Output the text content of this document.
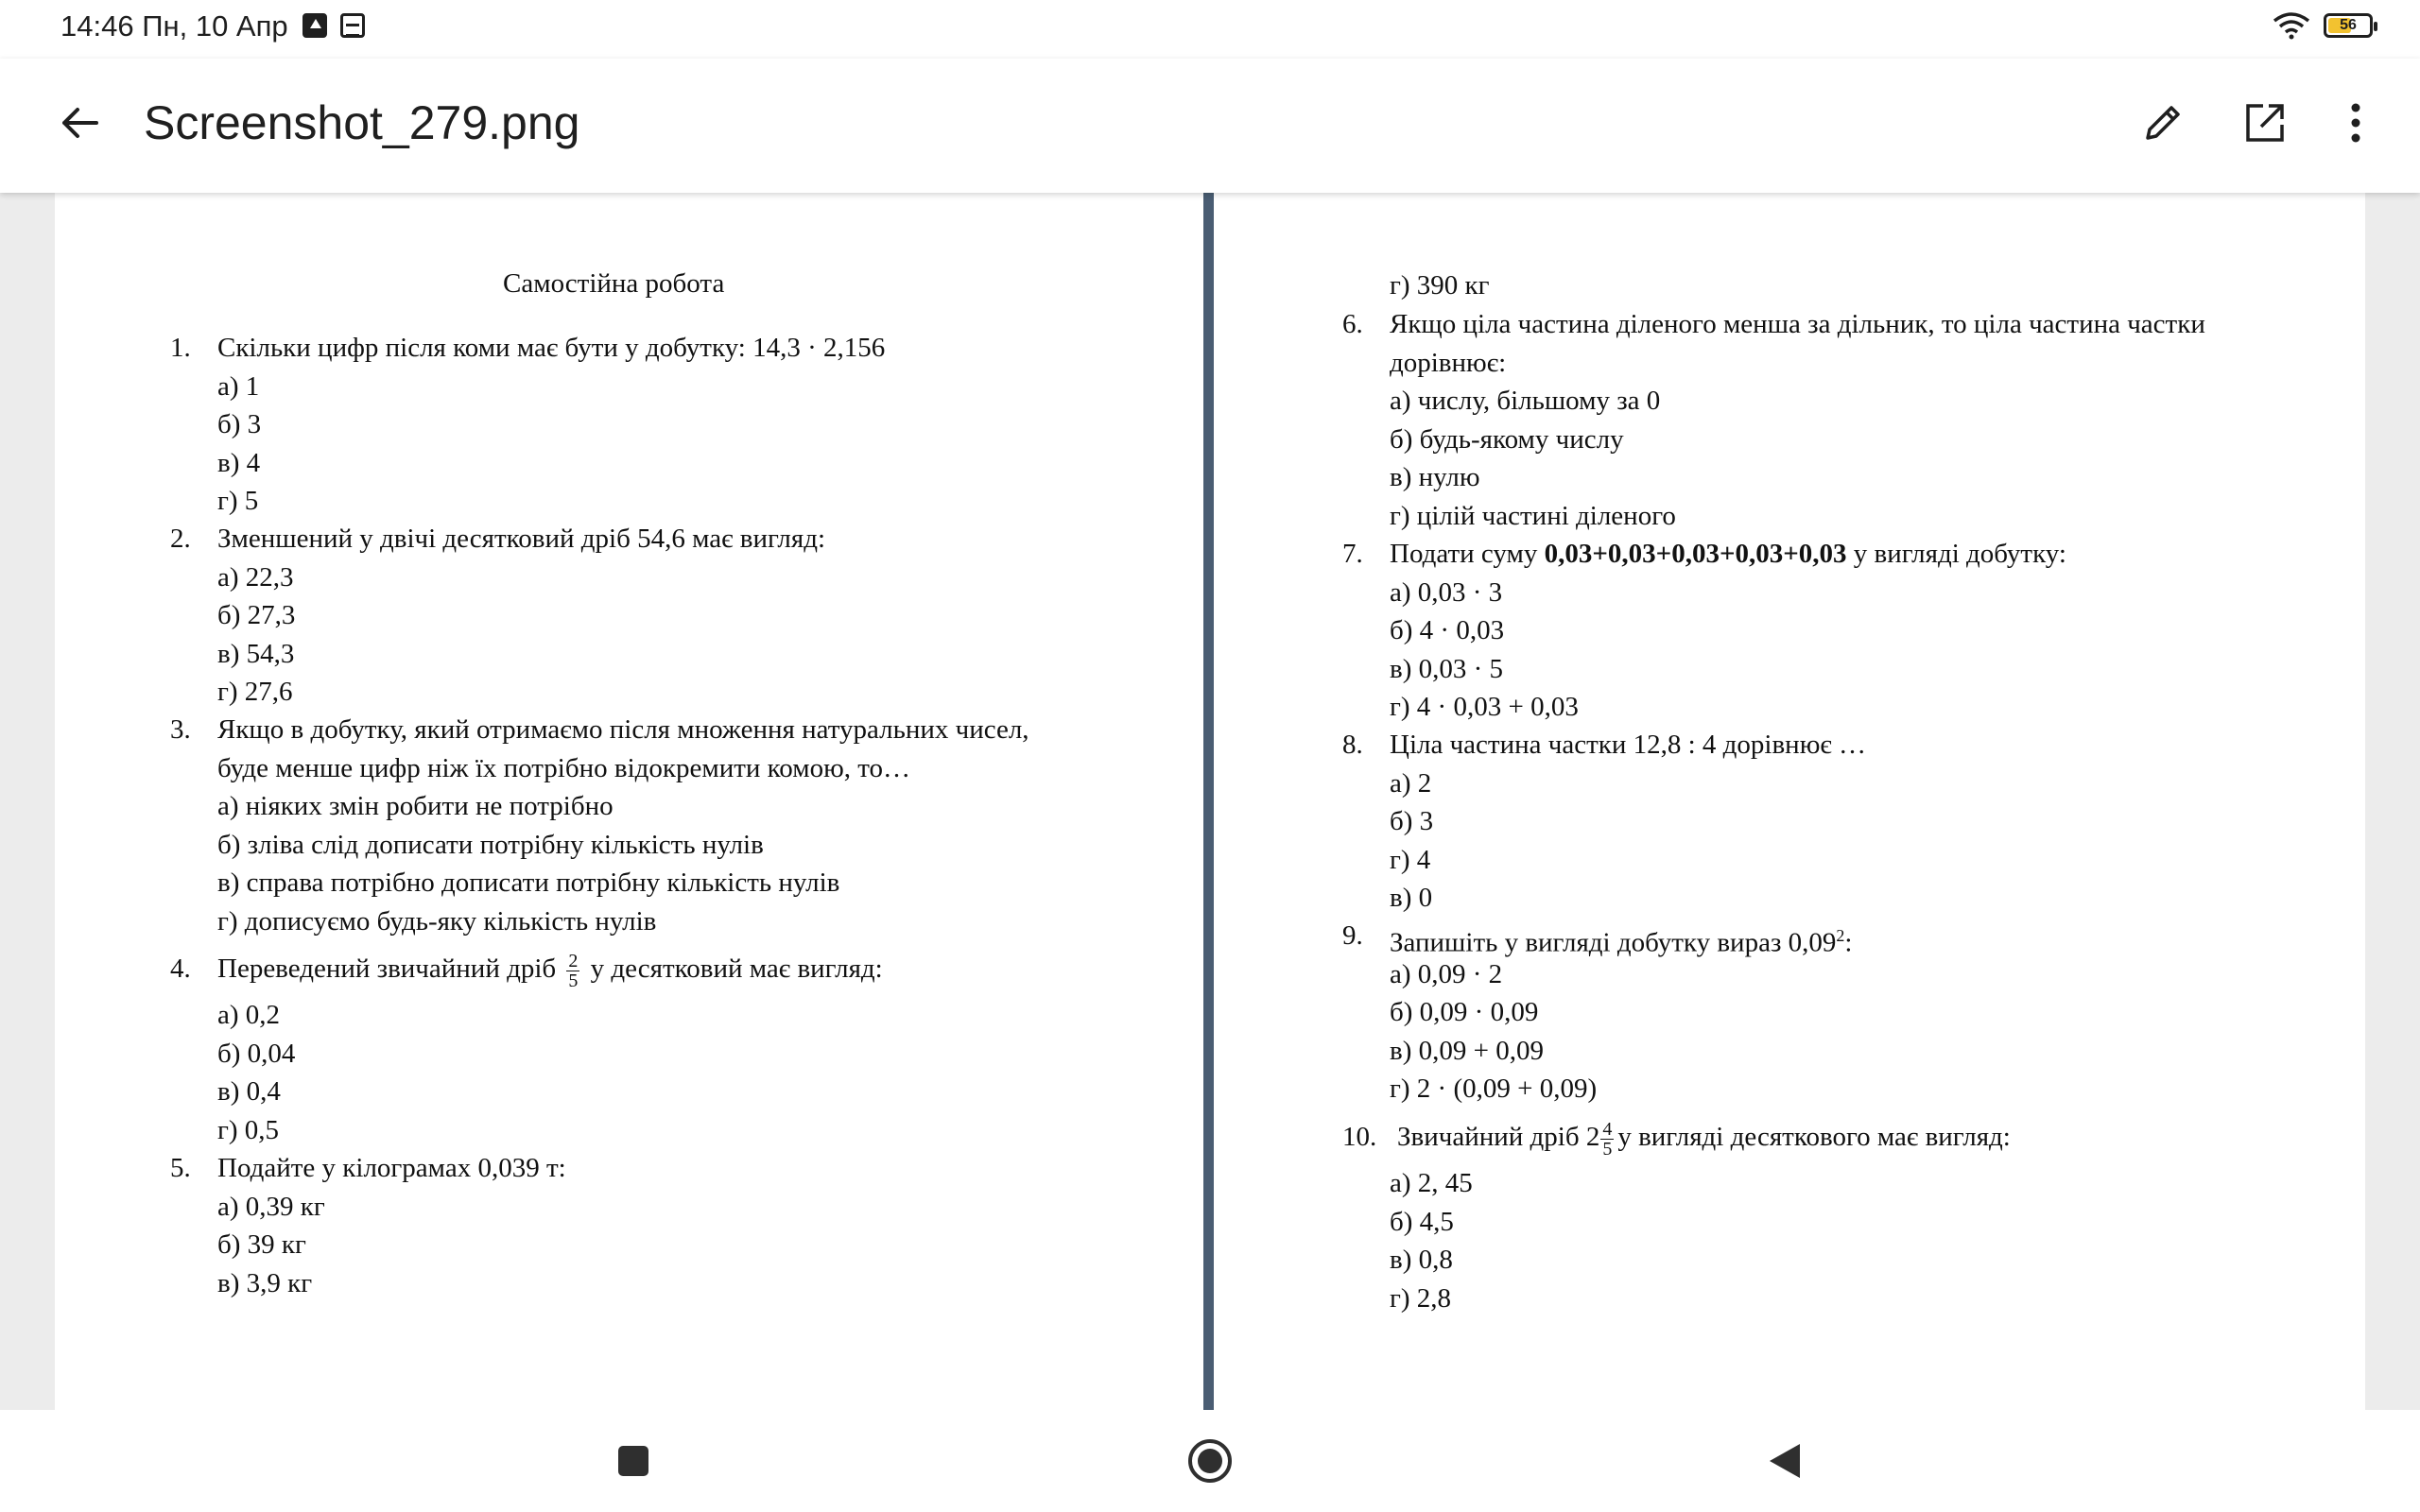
14:46 Пн, 10 Апр	56
Screenshot_279.png
Самостійна робота
1. Скільки цифр після коми має бути у добутку: 14,3 · 2,156
а) 1
б) 3
в) 4
г) 5
2. Зменшений у двічі десятковий дріб 54,6 має вигляд:
а) 22,3
б) 27,3
в) 54,3
г) 27,6
3. Якщо в добутку, який отримаємо після множення натуральних чисел,
буде менше цифр ніж їх потрібно відокремити комою, то…
а) ніяких змін робити не потрібно
б) зліва слід дописати потрібну кількість нулів
в) справа потрібно дописати потрібну кількість нулів
г) дописуємо будь-яку кількість нулів
4. Переведений звичайний дріб $\frac{2}{5}$ у десятковий має вигляд:
а) 0,2
б) 0,04
в) 0,4
г) 0,5
5. Подайте у кілограмах 0,039 т:
а) 0,39 кг
б) 39 кг
в) 3,9 кг
г) 390 кг
6. Якщо ціла частина діленого менша за дільник, то ціла частина частки
дорівнює:
а) числу, більшому за 0
б) будь-якому числу
в) нулю
г) цілій частині діленого
7. Подати суму 0,03+0,03+0,03+0,03+0,03 у вигляді добутку:
а) 0,03 · 3
б) 4 · 0,03
в) 0,03 · 5
г) 4 · 0,03 + 0,03
8. Ціла частина частки 12,8 : 4 дорівнює …
а) 2
б) 3
г) 4
в) 0
9. Запишіть у вигляді добутку вираз 0,09$^2$:
а) 0,09 · 2
б) 0,09 · 0,09
в) 0,09 + 0,09
г) 2 · (0,09 + 0,09)
10. Звичайний дріб $2 \frac{4}{5}$ у вигляді десяткового має вигляд:
а) 2, 45
б) 4,5
в) 0,8
г) 2,8
